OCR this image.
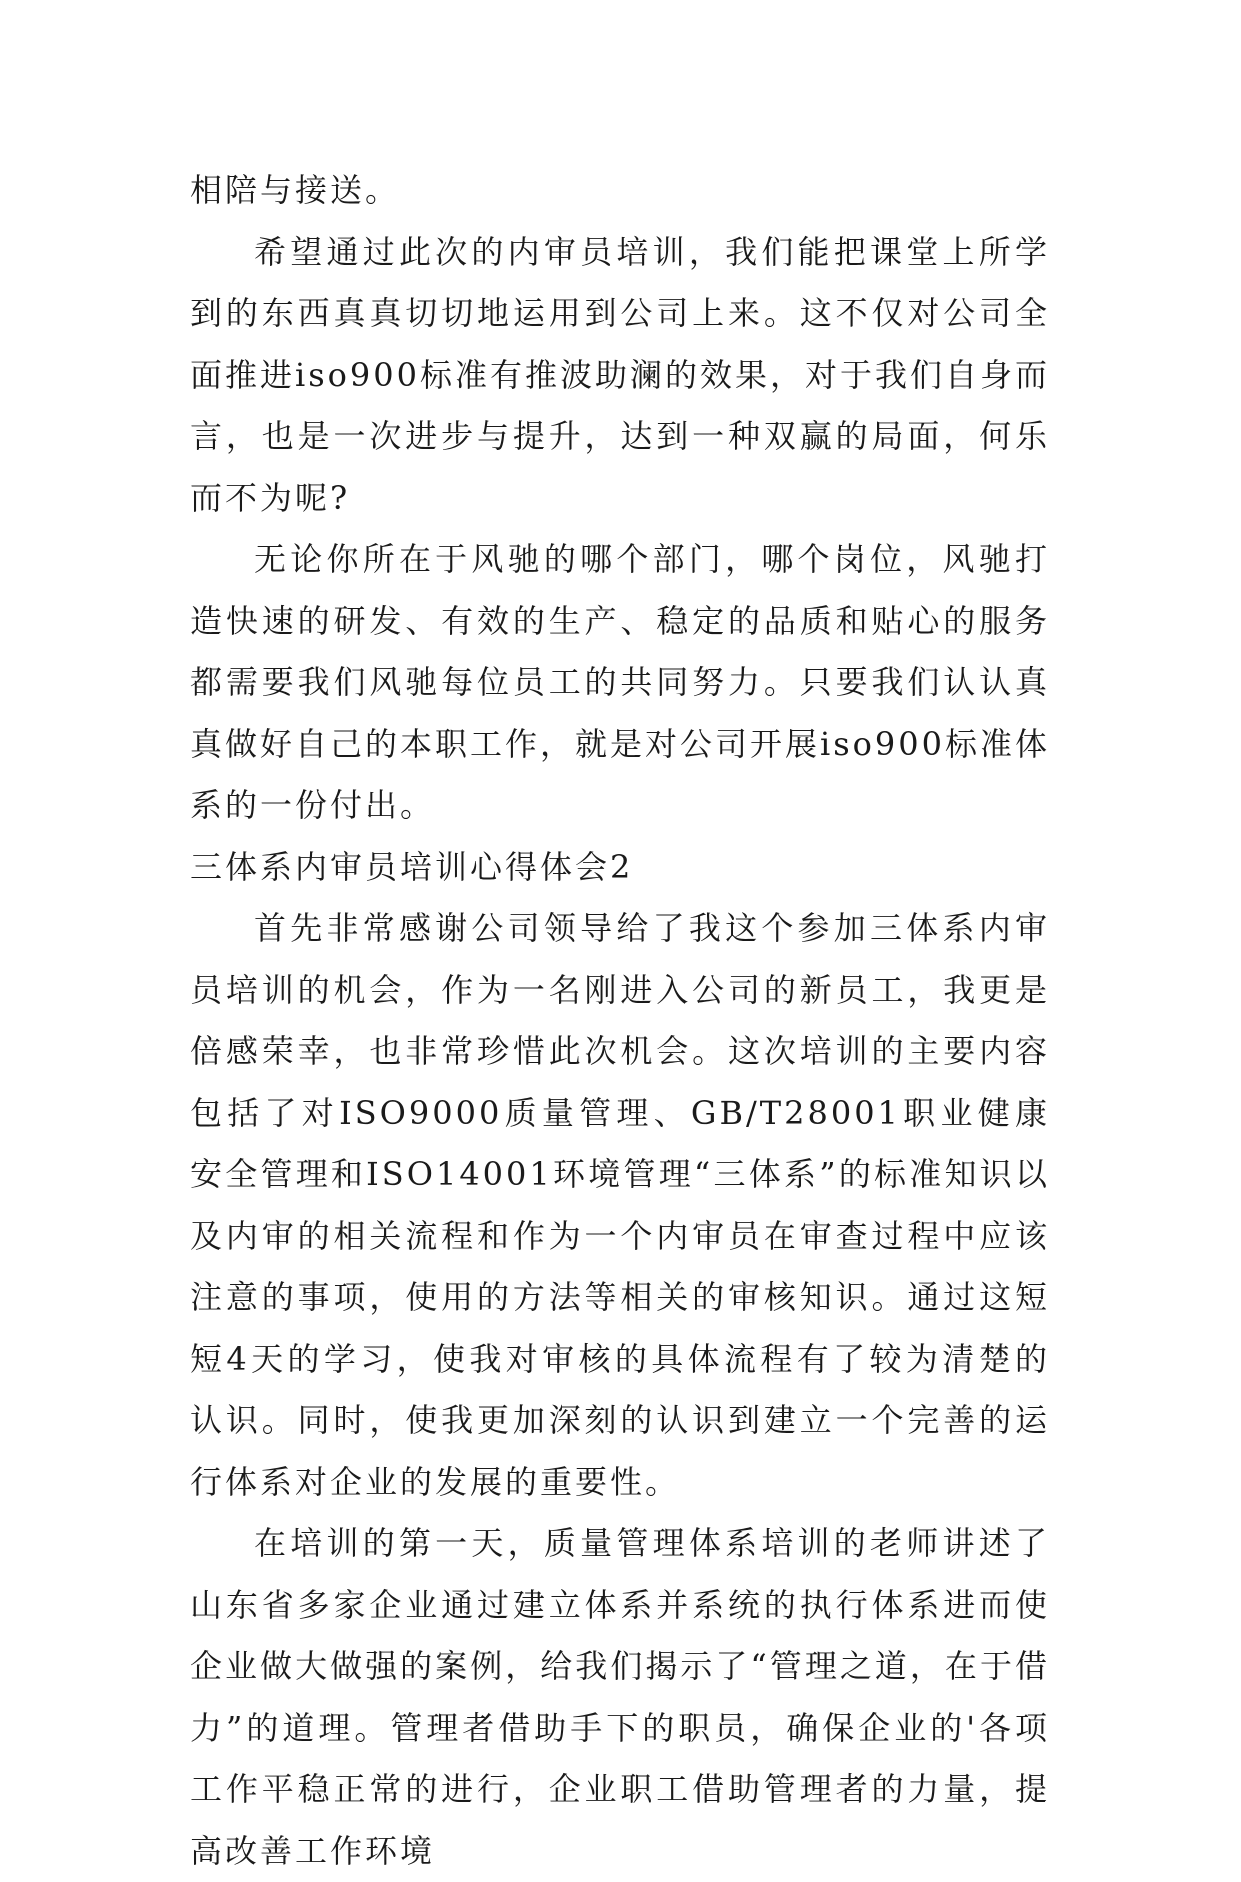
相陪与接送。

希望通过此次的内审员培训，我们能把课堂上所学到的东西真真切切地运用到公司上来。这不仅对公司全面推进iso900标准有推波助澜的效果，对于我们自身而言，也是一次进步与提升，达到一种双赢的局面，何乐而不为呢?

无论你所在于风驰的哪个部门，哪个岗位，风驰打造快速的研发、有效的生产、稳定的品质和贴心的服务都需要我们风驰每位员工的共同努力。只要我们认认真真做好自己的本职工作，就是对公司开展iso900标准体系的一份付出。

三体系内审员培训心得体会2

首先非常感谢公司领导给了我这个参加三体系内审员培训的机会，作为一名刚进入公司的新员工，我更是倍感荣幸，也非常珍惜此次机会。这次培训的主要内容包括了对ISO9000质量管理、GB/T28001职业健康安全管理和ISO14001环境管理“三体系”的标准知识以及内审的相关流程和作为一个内审员在审查过程中应该注意的事项，使用的方法等相关的审核知识。通过这短短4天的学习，使我对审核的具体流程有了较为清楚的认识。同时，使我更加深刻的认识到建立一个完善的运行体系对企业的发展的重要性。

在培训的第一天，质量管理体系培训的老师讲述了山东省多家企业通过建立体系并系统的执行体系进而使企业做大做强的案例，给我们揭示了“管理之道，在于借力”的道理。管理者借助手下的职员，确保企业的'各项工作平稳正常的进行，企业职工借助管理者的力量，提高改善工作环境
